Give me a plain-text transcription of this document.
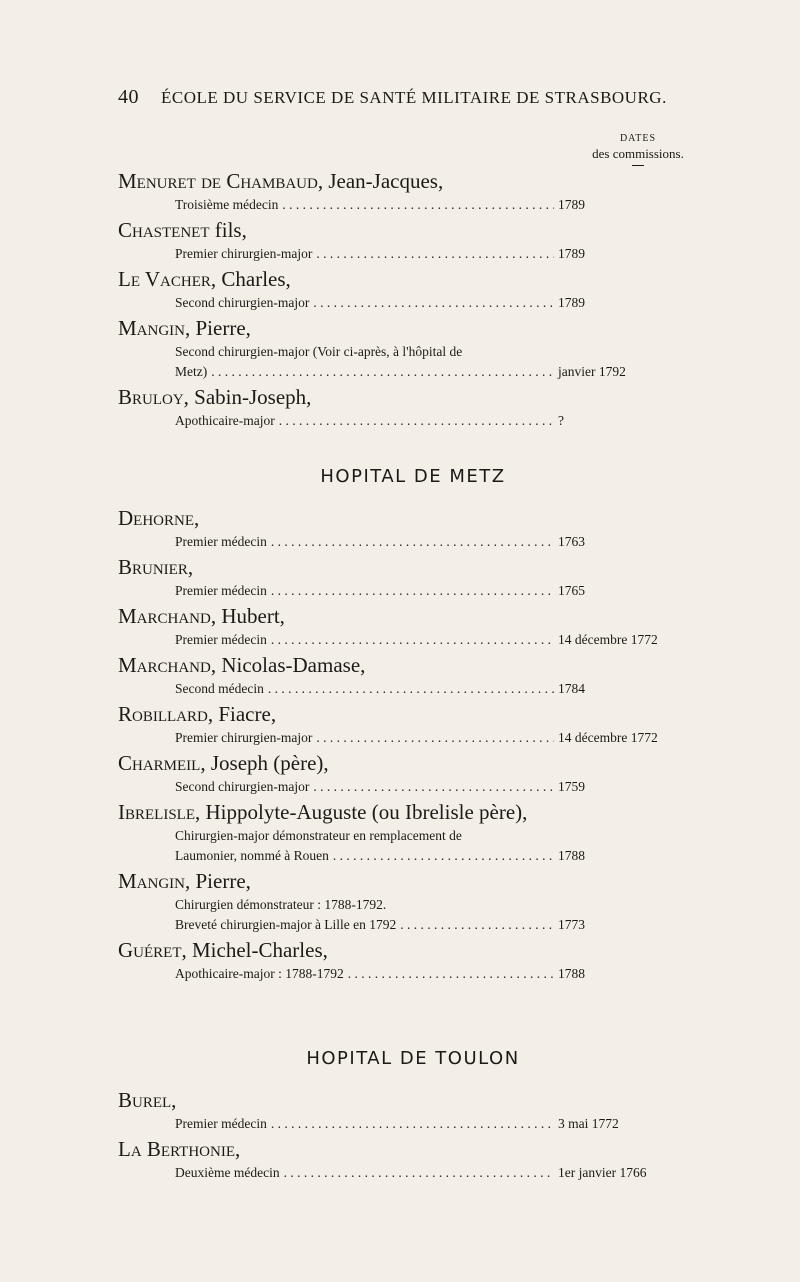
40 ÉCOLE DU SERVICE DE SANTÉ MILITAIRE DE STRASBOURG.
DATES
des commissions.
Menuret de Chambaud, Jean-Jacques,
Troisième médecin . . .	1789
Chastenet fils,
Premier chirurgien-major . . .	1789
Le Vacher, Charles,
Second chirurgien-major . . .	1789
Mangin, Pierre,
Second chirurgien-major (Voir ci-après, à l'hôpital de
Metz) . . .	janvier 1792
Bruloy, Sabin-Joseph,
Apothicaire-major . . .	?
HOPITAL DE METZ
Dehorne,
Premier médecin . . .	1763
Brunier,
Premier médecin . . .	1765
Marchand, Hubert,
Premier médecin . . .	14 décembre 1772
Marchand, Nicolas-Damase,
Second médecin . . .	1784
Robillard, Fiacre,
Premier chirurgien-major . . .	14 décembre 1772
Charmeil, Joseph (père),
Second chirurgien-major . . .	1759
Ibrelisle, Hippolyte-Auguste (ou Ibrelisle père),
Chirurgien-major démonstrateur en remplacement de
Laumonier, nommé à Rouen . . .	1788
Mangin, Pierre,
Chirurgien démonstrateur : 1788-1792.
Breveté chirurgien-major à Lille en 1792 . . .	1773
Guéret, Michel-Charles,
Apothicaire-major : 1788-1792 . . .	1788
HOPITAL DE TOULON
Burel,
Premier médecin . . .	3 mai 1772
La Berthonie,
Deuxième médecin . . .	1er janvier 1766
